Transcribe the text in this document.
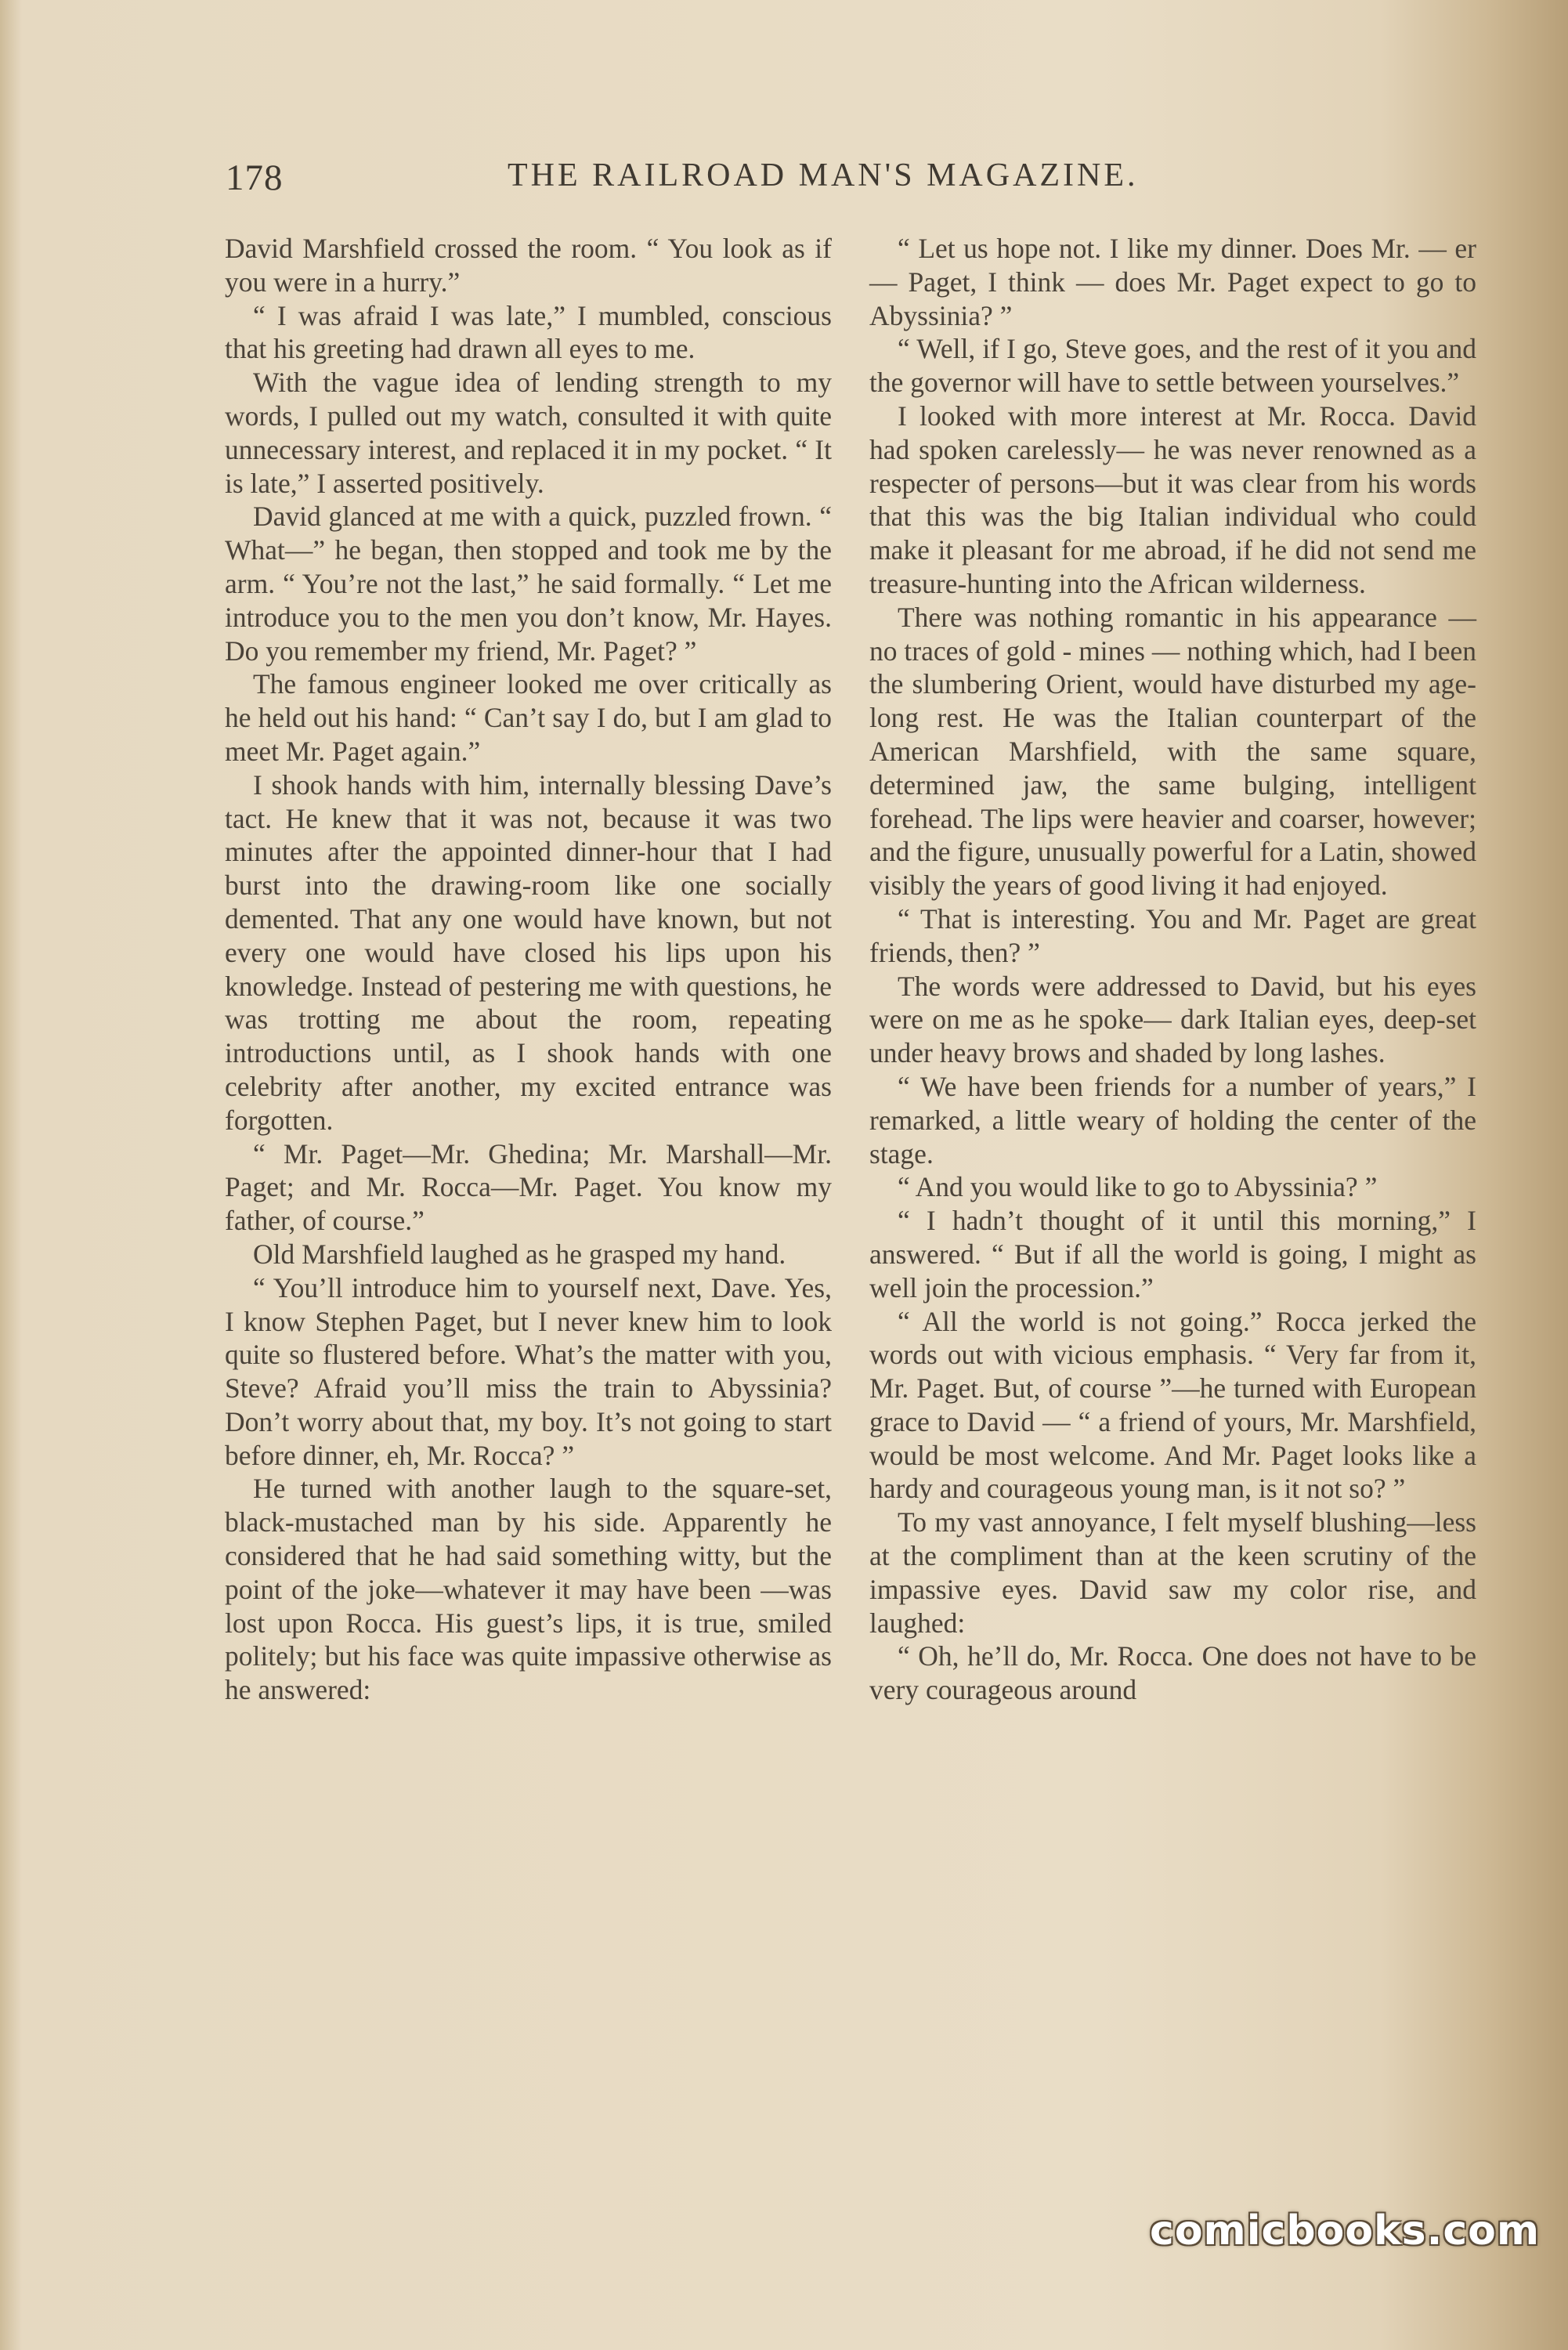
178	THE RAILROAD MAN'S MAGAZINE.

David Marshfield crossed the room. “ You look as if you were in a hurry.”

“ I was afraid I was late,” I mumbled, conscious that his greeting had drawn all eyes to me.

With the vague idea of lending strength to my words, I pulled out my watch, consulted it with quite unnecessary interest, and replaced it in my pocket. “ It is late,” I asserted positively.

David glanced at me with a quick, puzzled frown. “ What—” he began, then stopped and took me by the arm. “ You’re not the last,” he said formally. “ Let me introduce you to the men you don’t know, Mr. Hayes. Do you remember my friend, Mr. Paget? ”

The famous engineer looked me over critically as he held out his hand: “ Can’t say I do, but I am glad to meet Mr. Paget again.”

I shook hands with him, internally blessing Dave’s tact. He knew that it was not, because it was two minutes after the appointed dinner-hour that I had burst into the drawing-room like one socially demented. That any one would have known, but not every one would have closed his lips upon his knowledge. Instead of pestering me with questions, he was trotting me about the room, repeating introductions until, as I shook hands with one celebrity after another, my excited entrance was forgotten.

“ Mr. Paget—Mr. Ghedina; Mr. Marshall—Mr. Paget; and Mr. Rocca—Mr. Paget. You know my father, of course.”

Old Marshfield laughed as he grasped my hand.

“ You’ll introduce him to yourself next, Dave. Yes, I know Stephen Paget, but I never knew him to look quite so flustered before. What’s the matter with you, Steve? Afraid you’ll miss the train to Abyssinia? Don’t worry about that, my boy. It’s not going to start before dinner, eh, Mr. Rocca? ”

He turned with another laugh to the square-set, black-mustached man by his side. Apparently he considered that he had said something witty, but the point of the joke—whatever it may have been —was lost upon Rocca. His guest’s lips, it is true, smiled politely; but his face was quite impassive otherwise as he answered:

“ Let us hope not. I like my dinner. Does Mr. — er — Paget, I think — does Mr. Paget expect to go to Abyssinia? ”

“ Well, if I go, Steve goes, and the rest of it you and the governor will have to settle between yourselves.”

I looked with more interest at Mr. Rocca. David had spoken carelessly— he was never renowned as a respecter of persons—but it was clear from his words that this was the big Italian individual who could make it pleasant for me abroad, if he did not send me treasure-hunting into the African wilderness.

There was nothing romantic in his appearance — no traces of gold - mines — nothing which, had I been the slumbering Orient, would have disturbed my age-long rest. He was the Italian counterpart of the American Marshfield, with the same square, determined jaw, the same bulging, intelligent forehead. The lips were heavier and coarser, however; and the figure, unusually powerful for a Latin, showed visibly the years of good living it had enjoyed.

“ That is interesting. You and Mr. Paget are great friends, then? ”

The words were addressed to David, but his eyes were on me as he spoke— dark Italian eyes, deep-set under heavy brows and shaded by long lashes.

“ We have been friends for a number of years,” I remarked, a little weary of holding the center of the stage.

“ And you would like to go to Abyssinia? ”

“ I hadn’t thought of it until this morning,” I answered. “ But if all the world is going, I might as well join the procession.”

“ All the world is not going.” Rocca jerked the words out with vicious emphasis. “ Very far from it, Mr. Paget. But, of course ”—he turned with European grace to David — “ a friend of yours, Mr. Marshfield, would be most welcome. And Mr. Paget looks like a hardy and courageous young man, is it not so? ”

To my vast annoyance, I felt myself blushing—less at the compliment than at the keen scrutiny of the impassive eyes. David saw my color rise, and laughed:

“ Oh, he’ll do, Mr. Rocca. One does not have to be very courageous around

comicbooks.com
